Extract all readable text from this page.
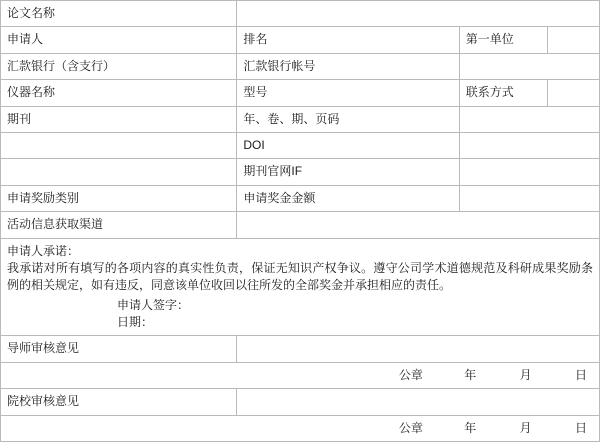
论文名称			
申请人	排名	第一单位	
汇款银行（含支行）	汇款银行帐号		
仪器名称	型号	联系方式	
期刊	年、卷、期、页码		
	DOI		
	期刊官网IF		
申请奖励类别	申请奖金金额		
活动信息获取渠道			

申请人承诺：
我承诺对所有填写的各项内容的真实性负责，保证无知识产权争议。遵守公司学术道德规范及科研成果奖励条例的相关规定，如有违反，同意该单位收回以往所发的全部奖金并承担相应的责任。
申请人签字：
日期：			

导师审核意见			
公章 年 月 日			
院校审核意见			
公章 年 月 日			
